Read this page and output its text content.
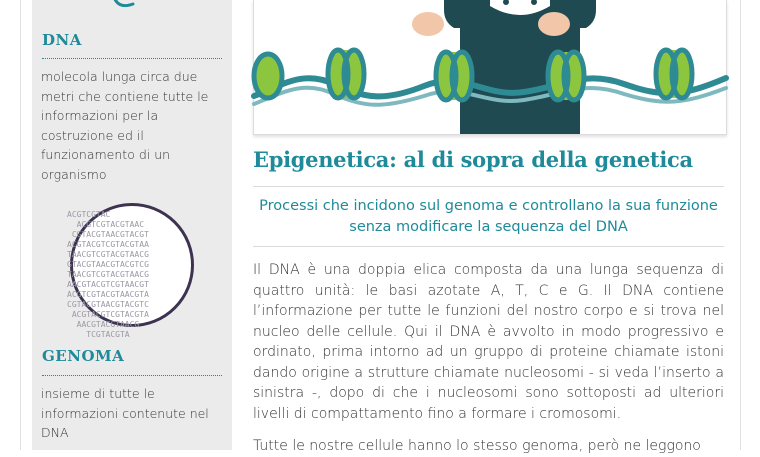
DNA
molecola lunga circa due metri che contiene tutte le informazioni per la costruzione ed il funzionamento di un organismo
ACGTCGTAC
ACGTCGTACGTAAC
CGTACGTAACGTACGT
ACGTACGTCGTACGTAA
TAACGTCGTACGTAACG
GTACGTAACGTACGTCG
TAACGTCGTACGTAACG
AACGTACGTCGTAACGT
ACGTCGTACGTAACGTA
CGTACGTAACGTACGTC
ACGTACGTCGTACGTA
AACGTACGTAACG
TCGTACGTA
GENOMA
insieme di tutte le informazioni contenute nel DNA
Epigenetica: al di sopra della genetica
Processi che incidono sul genoma e controllano la sua funzione senza modificare la sequenza del DNA
Il DNA è una doppia elica composta da una lunga sequenza di quattro unità: le basi azotate A, T, C e G. Il DNA contiene l’informazione per tutte le funzioni del nostro corpo e si trova nel nucleo delle cellule. Qui il DNA è avvolto in modo progressivo e ordinato, prima intorno ad un gruppo di proteine chiamate istoni dando origine a strutture chiamate nucleosomi - si veda l’inserto a sinistra -, dopo di che i nucleosomi sono sottoposti ad ulteriori livelli di compattamento fino a formare i cromosomi.
Tutte le nostre cellule hanno lo stesso genoma, però ne leggono
